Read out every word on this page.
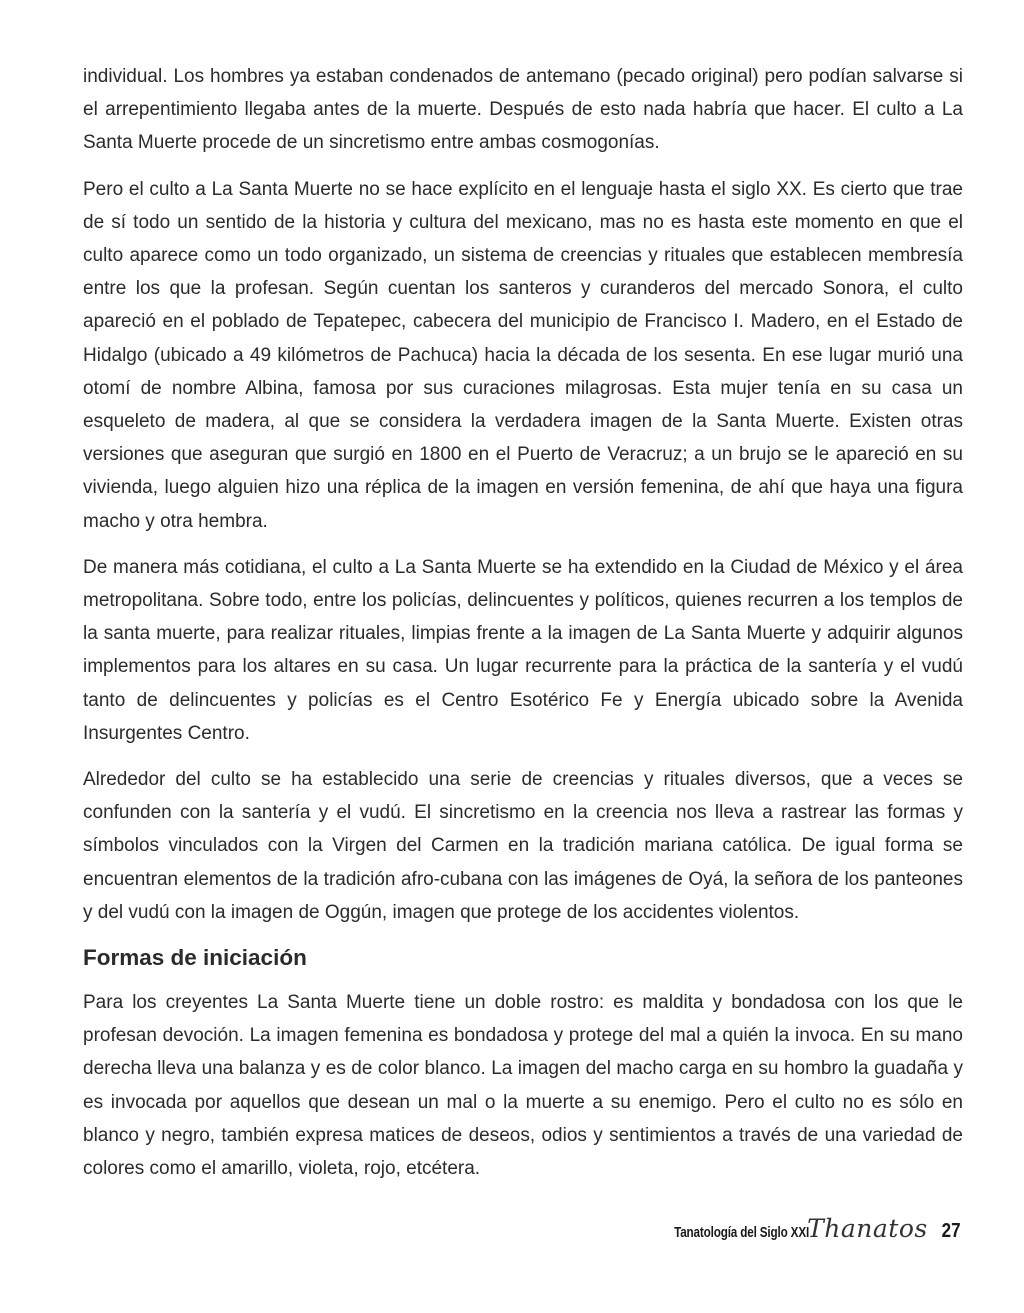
individual. Los hombres ya estaban condenados de antemano (pecado original) pero podían salvarse si el arrepentimiento llegaba antes de la muerte. Después de esto nada habría que hacer. El culto a La Santa Muerte procede de un sincretismo entre ambas cosmogonías.

Pero el culto a La Santa Muerte no se hace explícito en el lenguaje hasta el siglo XX. Es cierto que trae de sí todo un sentido de la historia y cultura del mexicano, mas no es hasta este momento en que el culto aparece como un todo organizado, un sistema de creencias y rituales que establecen membresía entre los que la profesan. Según cuentan los santeros y curanderos del mercado Sonora, el culto apareció en el poblado de Tepatepec, cabecera del municipio de Francisco I. Madero, en el Estado de Hidalgo (ubicado a 49 kilómetros de Pachuca) hacia la década de los sesenta. En ese lugar murió una otomí de nombre Albina, famosa por sus curaciones milagrosas. Esta mujer tenía en su casa un esqueleto de madera, al que se considera la verdadera imagen de la Santa Muerte. Existen otras versiones que aseguran que surgió en 1800 en el Puerto de Veracruz; a un brujo se le apareció en su vivienda, luego alguien hizo una réplica de la imagen en versión femenina, de ahí que haya una figura macho y otra hembra.

De manera más cotidiana, el culto a La Santa Muerte se ha extendido en la Ciudad de México y el área metropolitana. Sobre todo, entre los policías, delincuentes y políticos, quienes recurren a los templos de la santa muerte, para realizar rituales, limpias frente a la imagen de La Santa Muerte y adquirir algunos implementos para los altares en su casa. Un lugar recurrente para la práctica de la santería y el vudú tanto de delincuentes y policías es el Centro Esotérico Fe y Energía ubicado sobre la Avenida Insurgentes Centro.

Alrededor del culto se ha establecido una serie de creencias y rituales diversos, que a veces se confunden con la santería y el vudú. El sincretismo en la creencia nos lleva a rastrear las formas y símbolos vinculados con la Virgen del Carmen en la tradición mariana católica. De igual forma se encuentran elementos de la tradición afro-cubana con las imágenes de Oyá, la señora de los panteones y del vudú con la imagen de Oggún, imagen que protege de los accidentes violentos.

Formas de iniciación

Para los creyentes La Santa Muerte tiene un doble rostro: es maldita y bondadosa con los que le profesan devoción. La imagen femenina es bondadosa y protege del mal a quién la invoca. En su mano derecha lleva una balanza y es de color blanco. La imagen del macho carga en su hombro la guadaña y es invocada por aquellos que desean un mal o la muerte a su enemigo. Pero el culto no es sólo en blanco y negro, también expresa matices de deseos, odios y sentimientos a través de una variedad de colores como el amarillo, violeta, rojo, etcétera.

Tanatología del Siglo XXI
Thanatos 27
